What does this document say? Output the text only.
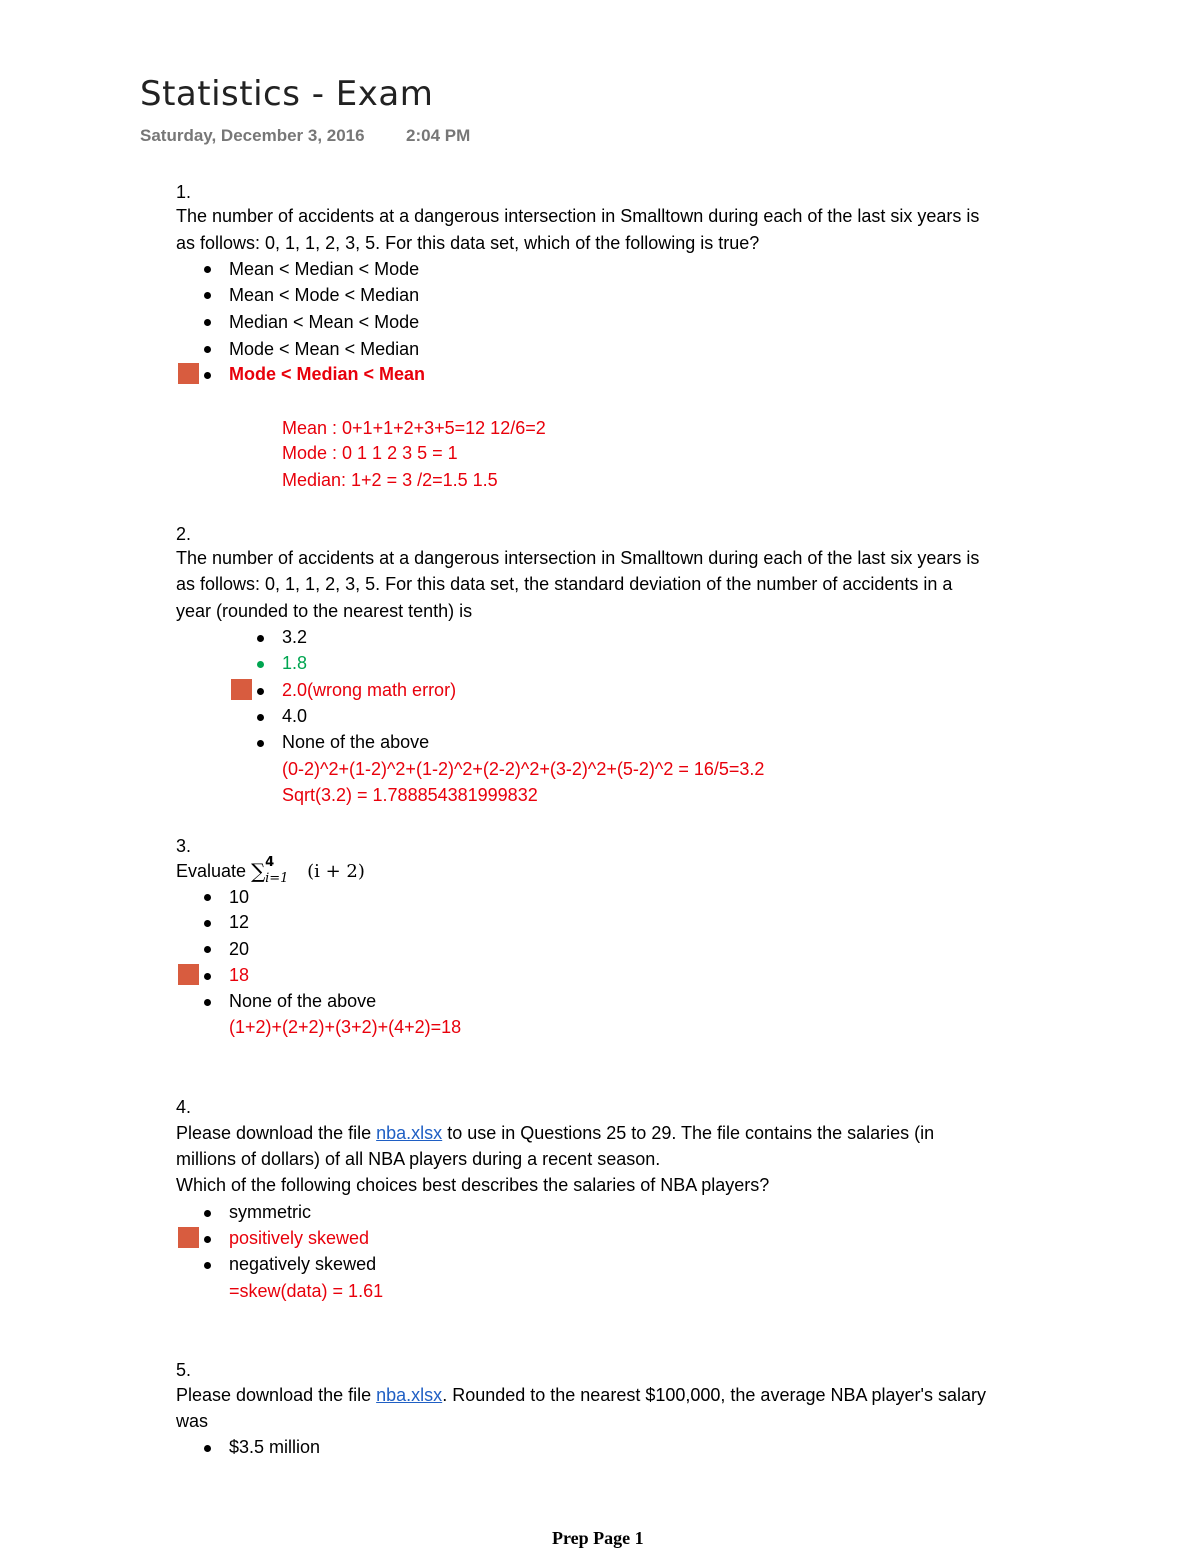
Statistics - Exam
Saturday, December 3, 2016 2:04 PM
1.
The number of accidents at a dangerous intersection in Smalltown during each of the last six years is
as follows: 0, 1, 1, 2, 3, 5. For this data set, which of the following is true?
Mean < Median < Mode
Mean < Mode < Median
Median < Mean < Mode
Mode < Mean < Median
Mode < Median < Mean
Mean : 0+1+1+2+3+5=12 12/6=2
Mode : 0 1 1 2 3 5 = 1
Median: 1+2 = 3 /2=1.5 1.5
2.
The number of accidents at a dangerous intersection in Smalltown during each of the last six years is
as follows: 0, 1, 1, 2, 3, 5. For this data set, the standard deviation of the number of accidents in a
year (rounded to the nearest tenth) is
3.2
1.8
2.0(wrong math error)
4.0
None of the above
(0-2)^2+(1-2)^2+(1-2)^2+(2-2)^2+(3-2)^2+(5-2)^2 = 16/5=3.2
Sqrt(3.2) = 1.788854381999832
3.
Evaluate ∑ 4
i=1 (i + 2)
10
12
20
18
None of the above
(1+2)+(2+2)+(3+2)+(4+2)=18
4.
Please download the file nba.xlsx to use in Questions 25 to 29. The file contains the salaries (in
millions of dollars) of all NBA players during a recent season.
Which of the following choices best describes the salaries of NBA players?
symmetric
positively skewed
negatively skewed
=skew(data) = 1.61
5.
Please download the file nba.xlsx. Rounded to the nearest $100,000, the average NBA player's salary
was
$3.5 million
Prep Page 1
